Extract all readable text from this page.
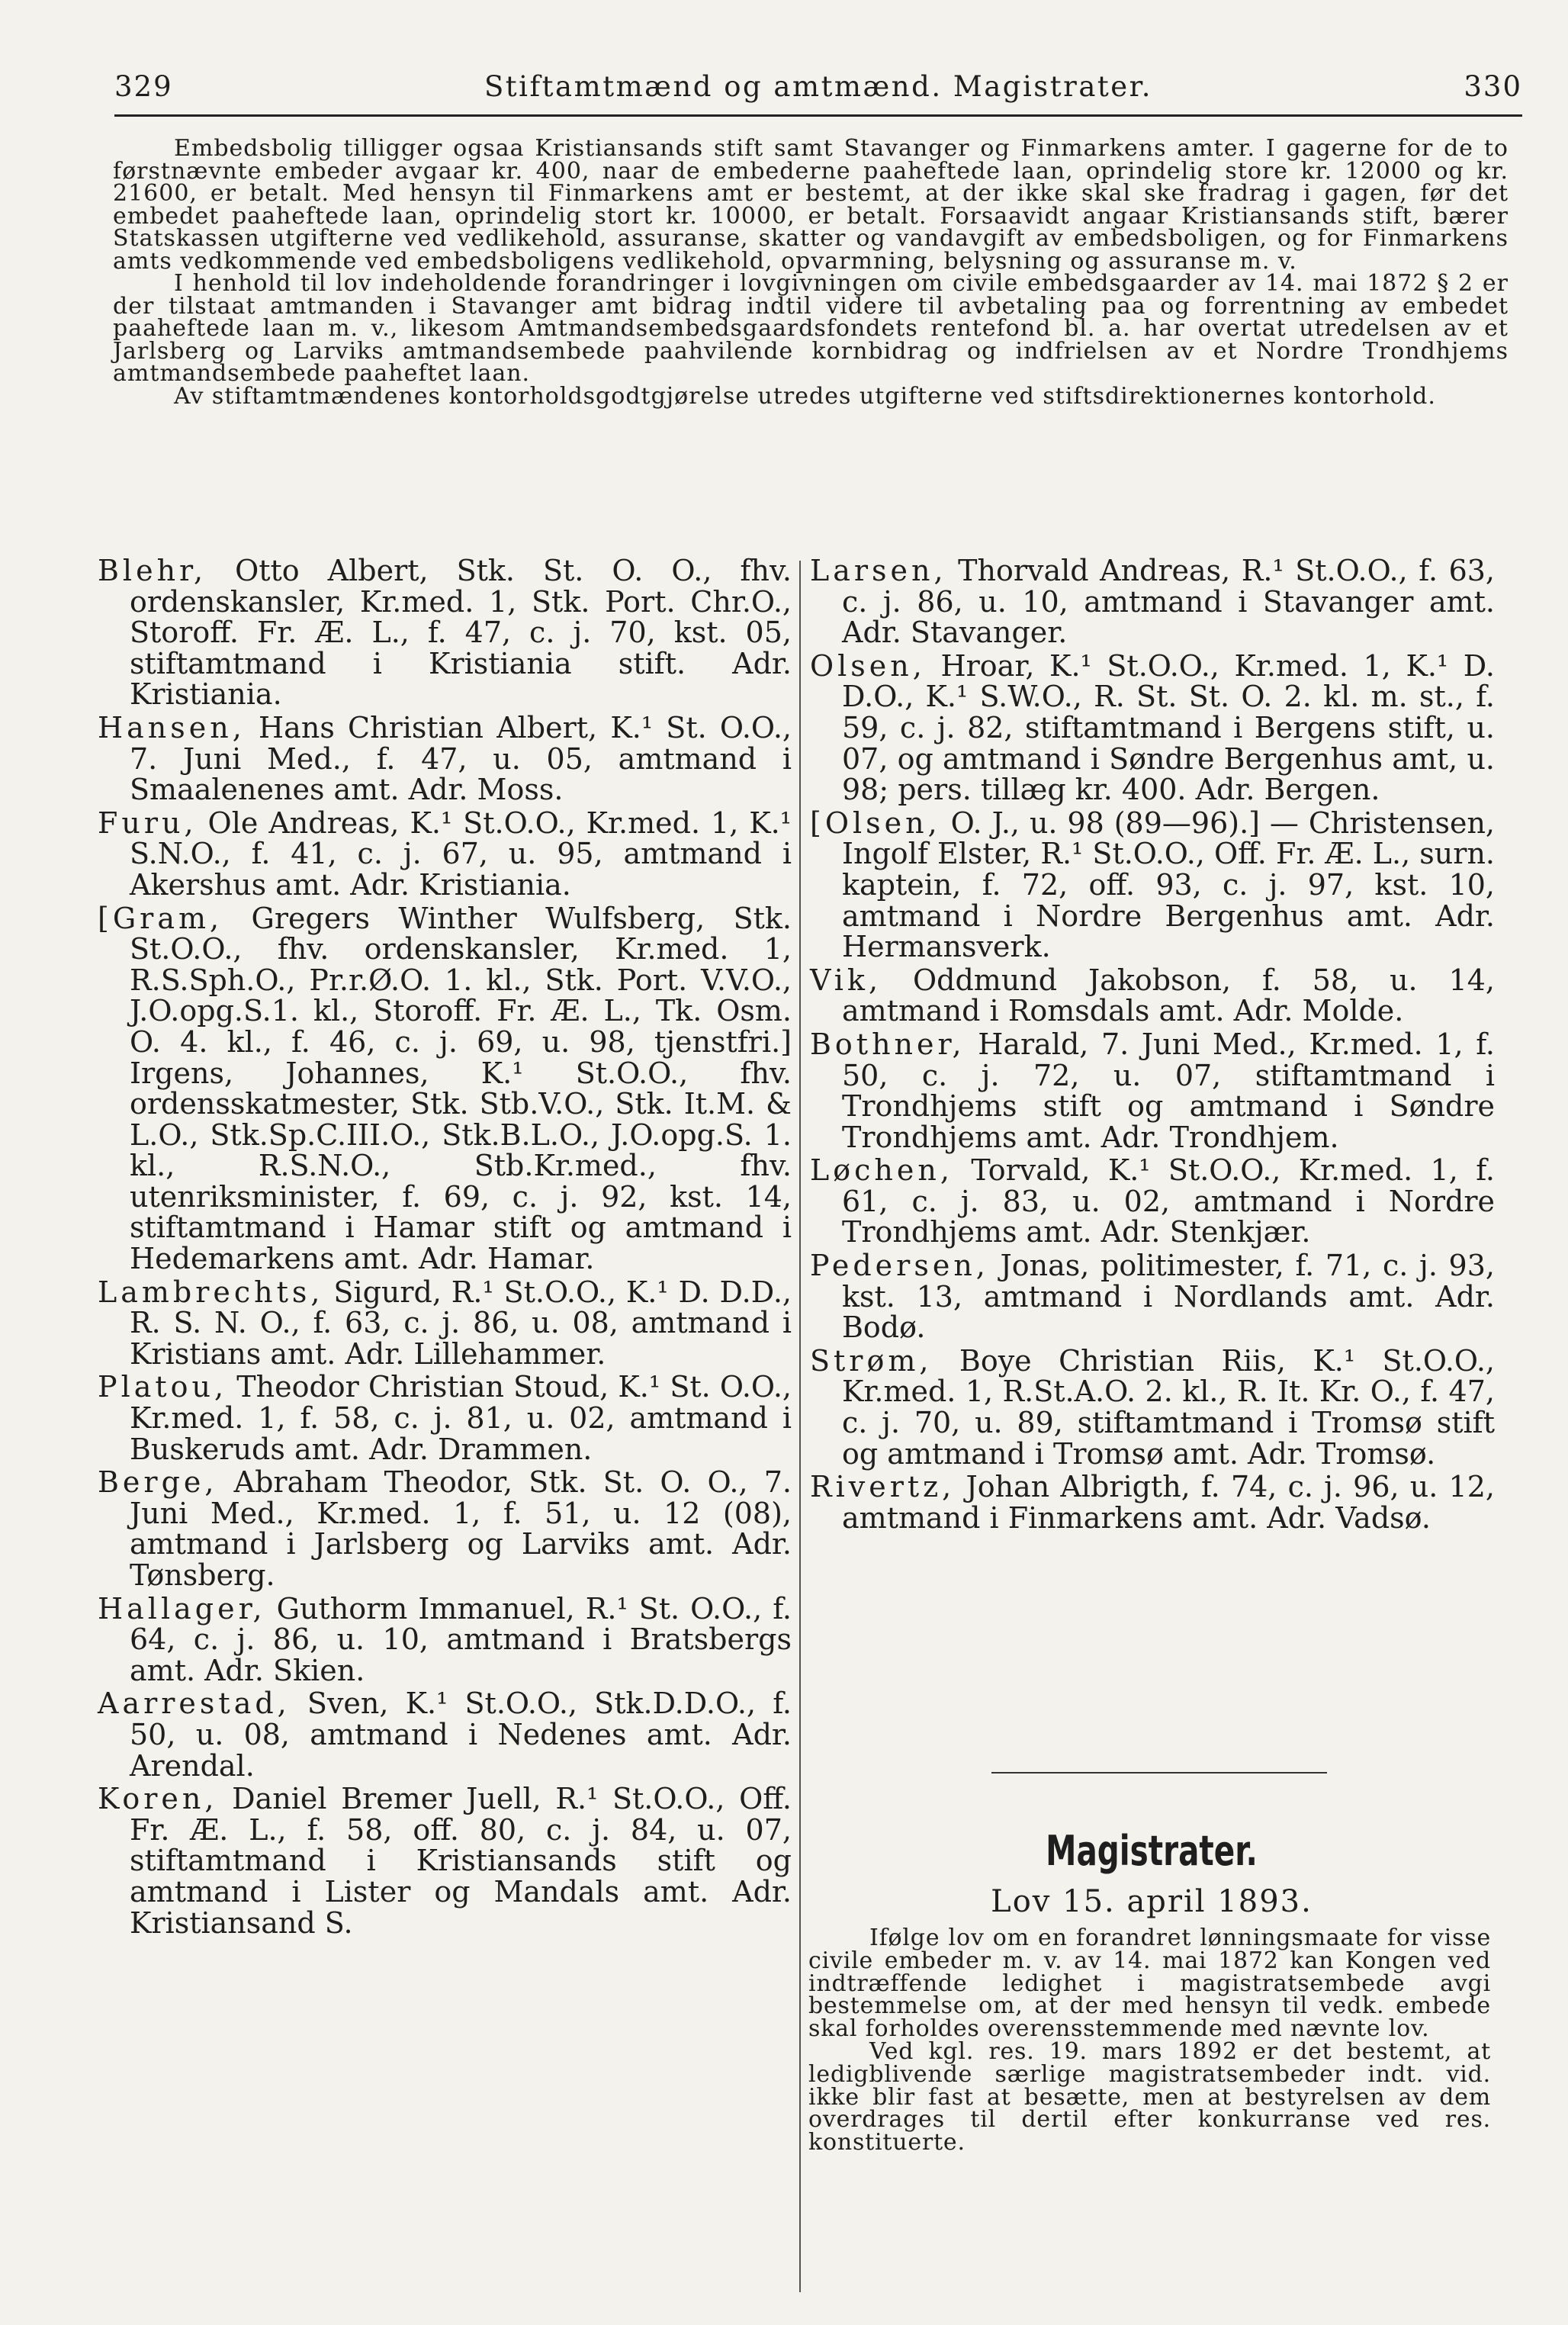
329	Stiftamtmænd og amtmænd. Magistrater.	330

Embedsbolig tilligger ogsaa Kristiansands stift samt Stavanger og Finmarkens amter. I gagerne for de to førstnævnte embeder avgaar kr. 400, naar de embederne paaheftede laan, oprindelig store kr. 12000 og kr. 21600, er betalt. Med hensyn til Finmarkens amt er bestemt, at der ikke skal ske fradrag i gagen, før det embedet paaheftede laan, oprindelig stort kr. 10000, er betalt. Forsaavidt angaar Kristiansands stift, bærer Statskassen utgifterne ved vedlikehold, assuranse, skatter og vandavgift av embedsboligen, og for Finmarkens amts vedkommende ved embedsboligens vedlikehold, opvarmning, belysning og assuranse m. v.

I henhold til lov indeholdende forandringer i lovgivningen om civile embedsgaarder av 14. mai 1872 § 2 er der tilstaat amtmanden i Stavanger amt bidrag indtil videre til avbetaling paa og forrentning av embedet paaheftede laan m. v., likesom Amtmandsembedsgaardsfondets rentefond bl. a. har overtat utredelsen av et Jarlsberg og Larviks amtmandsembede paahvilende kornbidrag og indfrielsen av et Nordre Trondhjems amtmandsembede paaheftet laan.

Av stiftamtmændenes kontorholdsgodtgjørelse utredes utgifterne ved stiftsdirektionernes kontorhold.

Blehr, Otto Albert, Stk. St. O. O., fhv. ordenskansler, Kr.med. 1, Stk. Port. Chr.O., Storoff. Fr. Æ. L., f. 47, c. j. 70, kst. 05, stiftamtmand i Kristiania stift. Adr. Kristiania.

Hansen, Hans Christian Albert, K.¹ St. O.O., 7. Juni Med., f. 47, u. 05, amtmand i Smaalenenes amt. Adr. Moss.

Furu, Ole Andreas, K.¹ St.O.O., Kr.med. 1, K.¹ S.N.O., f. 41, c. j. 67, u. 95, amtmand i Akershus amt. Adr. Kristiania.

[Gram, Gregers Winther Wulfsberg, Stk. St.O.O., fhv. ordenskansler, Kr.med. 1, R.S.Sph.O., Pr.r.Ø.O. 1. kl., Stk. Port. V.V.O., J.O.opg.S.1. kl., Storoff. Fr. Æ. L., Tk. Osm. O. 4. kl., f. 46, c. j. 69, u. 98, tjenstfri.] Irgens, Johannes, K.¹ St.O.O., fhv. ordensskatmester, Stk. Stb.V.O., Stk. It.M. & L.O., Stk.Sp.C.III.O., Stk.B.L.O., J.O.opg.S. 1. kl., R.S.N.O., Stb.Kr.med., fhv. utenriksminister, f. 69, c. j. 92, kst. 14, stiftamtmand i Hamar stift og amtmand i Hedemarkens amt. Adr. Hamar.

Lambrechts, Sigurd, R.¹ St.O.O., K.¹ D. D.D., R. S. N. O., f. 63, c. j. 86, u. 08, amtmand i Kristians amt. Adr. Lillehammer.

Platou, Theodor Christian Stoud, K.¹ St. O.O., Kr.med. 1, f. 58, c. j. 81, u. 02, amtmand i Buskeruds amt. Adr. Drammen.

Berge, Abraham Theodor, Stk. St. O. O., 7. Juni Med., Kr.med. 1, f. 51, u. 12 (08), amtmand i Jarlsberg og Larviks amt. Adr. Tønsberg.

Hallager, Guthorm Immanuel, R.¹ St. O.O., f. 64, c. j. 86, u. 10, amtmand i Bratsbergs amt. Adr. Skien.

Aarrestad, Sven, K.¹ St.O.O., Stk.D.D.O., f. 50, u. 08, amtmand i Nedenes amt. Adr. Arendal.

Koren, Daniel Bremer Juell, R.¹ St.O.O., Off. Fr. Æ. L., f. 58, off. 80, c. j. 84, u. 07, stiftamtmand i Kristiansands stift og amtmand i Lister og Mandals amt. Adr. Kristiansand S.

Larsen, Thorvald Andreas, R.¹ St.O.O., f. 63, c. j. 86, u. 10, amtmand i Stavanger amt. Adr. Stavanger.

Olsen, Hroar, K.¹ St.O.O., Kr.med. 1, K.¹ D. D.O., K.¹ S.W.O., R. St. St. O. 2. kl. m. st., f. 59, c. j. 82, stiftamtmand i Bergens stift, u. 07, og amtmand i Søndre Bergenhus amt, u. 98; pers. tillæg kr. 400. Adr. Bergen.

[Olsen, O. J., u. 98 (89—96).] — Christensen, Ingolf Elster, R.¹ St.O.O., Off. Fr. Æ. L., surn. kaptein, f. 72, off. 93, c. j. 97, kst. 10, amtmand i Nordre Bergenhus amt. Adr. Hermansverk.

Vik, Oddmund Jakobson, f. 58, u. 14, amtmand i Romsdals amt. Adr. Molde.

Bothner, Harald, 7. Juni Med., Kr.med. 1, f. 50, c. j. 72, u. 07, stiftamtmand i Trondhjems stift og amtmand i Søndre Trondhjems amt. Adr. Trondhjem.

Løchen, Torvald, K.¹ St.O.O., Kr.med. 1, f. 61, c. j. 83, u. 02, amtmand i Nordre Trondhjems amt. Adr. Stenkjær.

Pedersen, Jonas, politimester, f. 71, c. j. 93, kst. 13, amtmand i Nordlands amt. Adr. Bodø.

Strøm, Boye Christian Riis, K.¹ St.O.O., Kr.med. 1, R.St.A.O. 2. kl., R. It. Kr. O., f. 47, c. j. 70, u. 89, stiftamtmand i Tromsø stift og amtmand i Tromsø amt. Adr. Tromsø.

Rivertz, Johan Albrigth, f. 74, c. j. 96, u. 12, amtmand i Finmarkens amt. Adr. Vadsø.

Magistrater.
Lov 15. april 1893.

Ifølge lov om en forandret lønningsmaate for visse civile embeder m. v. av 14. mai 1872 kan Kongen ved indtræffende ledighet i magistratsembede avgi bestemmelse om, at der med hensyn til vedk. embede skal forholdes overensstemmende med nævnte lov.

Ved kgl. res. 19. mars 1892 er det bestemt, at ledigblivende særlige magistratsembeder indt. vid. ikke blir fast at besætte, men at bestyrelsen av dem overdrages til dertil efter konkurranse ved res. konstituerte.
